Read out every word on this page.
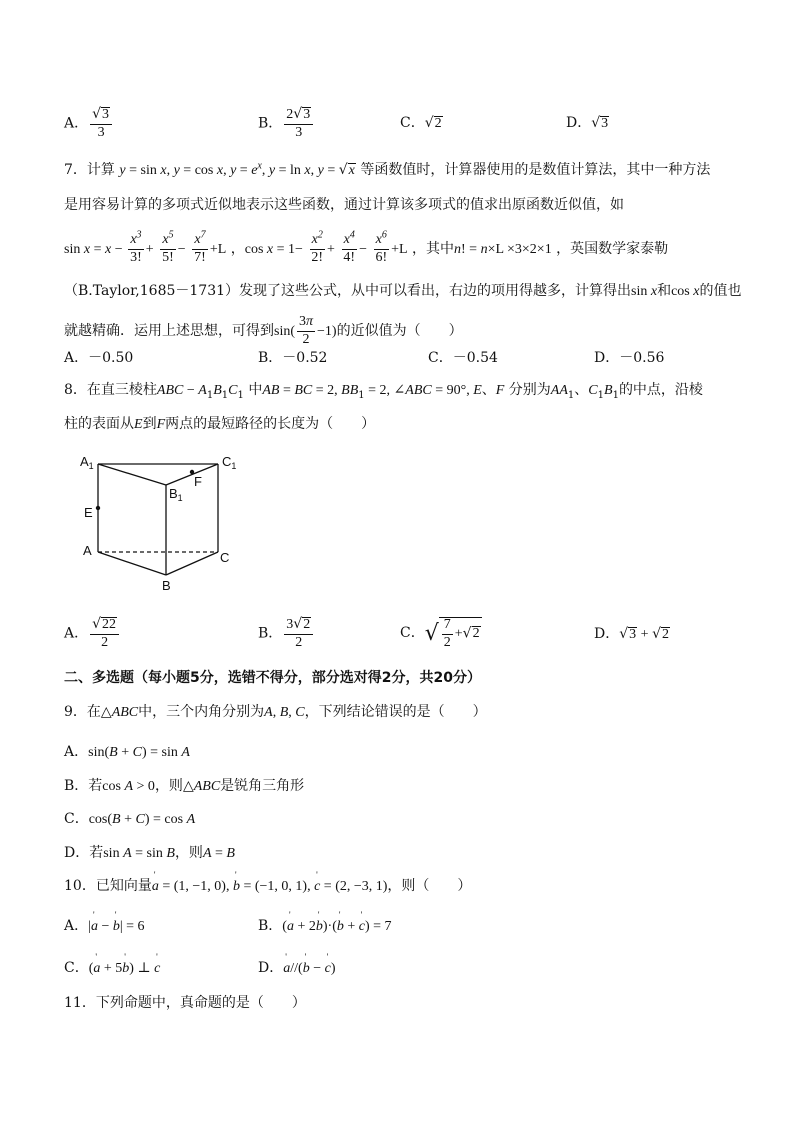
A． $\frac{√3}{3}$	B． $\frac{2√3}{3}$	C．√2	D．√3
7．计算 y = sin x, y = cos x, $y = e^x$, y = ln x, y = √x 等函数值时，计算器使用的是数值计算法，其中一种方法
是用容易计算的多项式近似地表示这些函数，通过计算该多项式的值求出原函数近似值，如
$\sin x = x - \frac{x^3}{3!} + \frac{x^5}{5!} - \frac{x^7}{7!} +L$ ，$\cos x = 1- \frac{x^2}{2!} + \frac{x^4}{4!} - \frac{x^6}{6!} +L$ ，其中n! = n×L ×3×2×1 ，英国数学家泰勒
（B.Taylor,1685－1731）发现了这些公式，从中可以看出，右边的项用得越多，计算得出sin x和cos x的值也
就越精确．运用上述思想，可得到$\sin( \frac{3\pi}{2} -1)$的近似值为（　　）
A．－0.50	B．－0.52	C．－0.54	D．－0.56
8．在直三棱柱ABC − $A_1B_1C_1$ 中AB = BC = 2, $BB_1 = 2$, ∠ABC = 90°, E、F 分别为$AA_1$、$C_1B_1$的中点，沿棱
柱的表面从E到F两点的最短路径的长度为（　　）
$A_1$	$C_1$
$B_1$
F
E
A	C
B
A． $\frac{√22}{2}$	B． $\frac{3√2}{2}$	C．√ $\frac{7}{2} +√2$	D．√3 + √2
二、多选题（每小题5分，选错不得分，部分选对得2分，共20分）
9．在△ABC中，三个内角分别为A, B, C，下列结论错误的是（　　）
A．sin(B + C) = sin A
B．若cos A > 0，则△ABC是锐角三角形
C．cos(B + C) = cos A
D．若sin A = sin B，则A = B
10．已知向量' a = (1, −1, 0), ' b = (−1, 0, 1), ' c = (2, −3, 1)，则（　　）
A．|' a − ' b| = 6	B．(' a + 2' b)·(' b + ' c) = 7
C．(' a + 5' b) ⊥ ' c	D．' a//(' b − ' c)
11．下列命题中，真命题的是（　　）
